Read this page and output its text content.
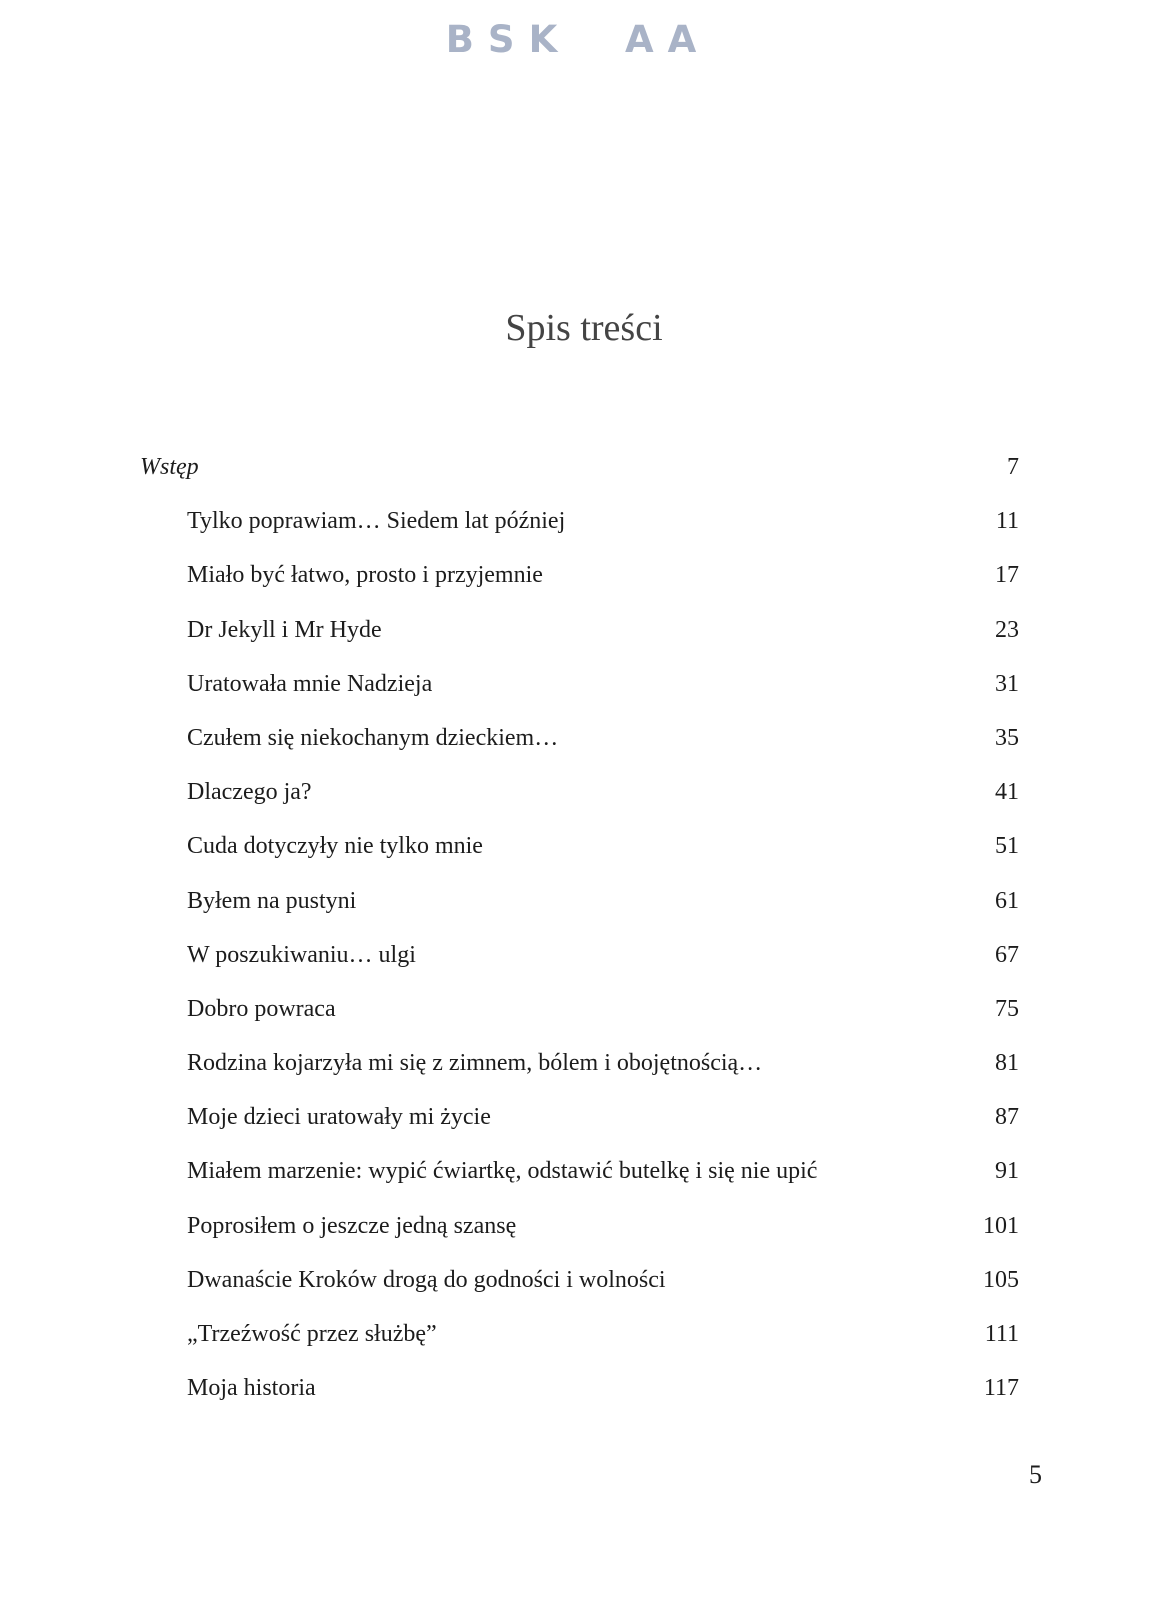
BSK  AA
Spis treści
Wstęp	7
Tylko poprawiam… Siedem lat później	11
Miało być łatwo, prosto i przyjemnie	17
Dr Jekyll i Mr Hyde	23
Uratowała mnie Nadzieja	31
Czułem się niekochanym dzieckiem…	35
Dlaczego ja?	41
Cuda dotyczyły nie tylko mnie	51
Byłem na pustyni	61
W poszukiwaniu… ulgi	67
Dobro powraca	75
Rodzina kojarzyła mi się z zimnem, bólem i obojętnością…	81
Moje dzieci uratowały mi życie	87
Miałem marzenie: wypić ćwiartkę, odstawić butelkę i się nie upić	91
Poprosiłem o jeszcze jedną szansę	101
Dwanaście Kroków drogą do godności i wolności	105
„Trzeźwość przez służbę”	111
Moja historia	117
5
